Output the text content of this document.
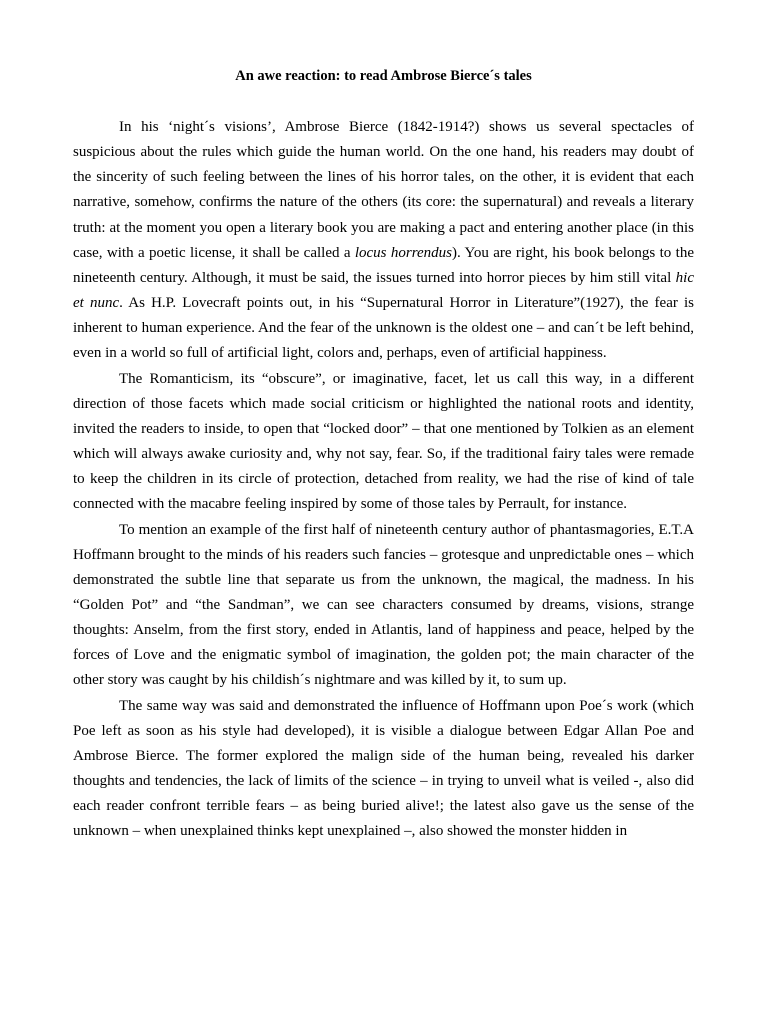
An awe reaction: to read Ambrose Bierce´s tales

In his ‘night´s visions’, Ambrose Bierce (1842-1914?) shows us several spectacles of suspicious about the rules which guide the human world. On the one hand, his readers may doubt of the sincerity of such feeling between the lines of his horror tales, on the other, it is evident that each narrative, somehow, confirms the nature of the others (its core: the supernatural) and reveals a literary truth: at the moment you open a literary book you are making a pact and entering another place (in this case, with a poetic license, it shall be called a locus horrendus). You are right, his book belongs to the nineteenth century. Although, it must be said, the issues turned into horror pieces by him still vital hic et nunc. As H.P. Lovecraft points out, in his “Supernatural Horror in Literature”(1927), the fear is inherent to human experience. And the fear of the unknown is the oldest one – and can´t be left behind, even in a world so full of artificial light, colors and, perhaps, even of artificial happiness.

The Romanticism, its “obscure”, or imaginative, facet, let us call this way, in a different direction of those facets which made social criticism or highlighted the national roots and identity, invited the readers to inside, to open that “locked door” – that one mentioned by Tolkien as an element which will always awake curiosity and, why not say, fear. So, if the traditional fairy tales were remade to keep the children in its circle of protection, detached from reality, we had the rise of kind of tale connected with the macabre feeling inspired by some of those tales by Perrault, for instance.

To mention an example of the first half of nineteenth century author of phantasmagories, E.T.A Hoffmann brought to the minds of his readers such fancies – grotesque and unpredictable ones – which demonstrated the subtle line that separate us from the unknown, the magical, the madness. In his “Golden Pot” and “the Sandman”, we can see characters consumed by dreams, visions, strange thoughts: Anselm, from the first story, ended in Atlantis, land of happiness and peace, helped by the forces of Love and the enigmatic symbol of imagination, the golden pot; the main character of the other story was caught by his childish´s nightmare and was killed by it, to sum up.

The same way was said and demonstrated the influence of Hoffmann upon Poe´s work (which Poe left as soon as his style had developed), it is visible a dialogue between Edgar Allan Poe and Ambrose Bierce. The former explored the malign side of the human being, revealed his darker thoughts and tendencies, the lack of limits of the science – in trying to unveil what is veiled -, also did each reader confront terrible fears – as being buried alive!; the latest also gave us the sense of the unknown – when unexplained thinks kept unexplained –, also showed the monster hidden in
